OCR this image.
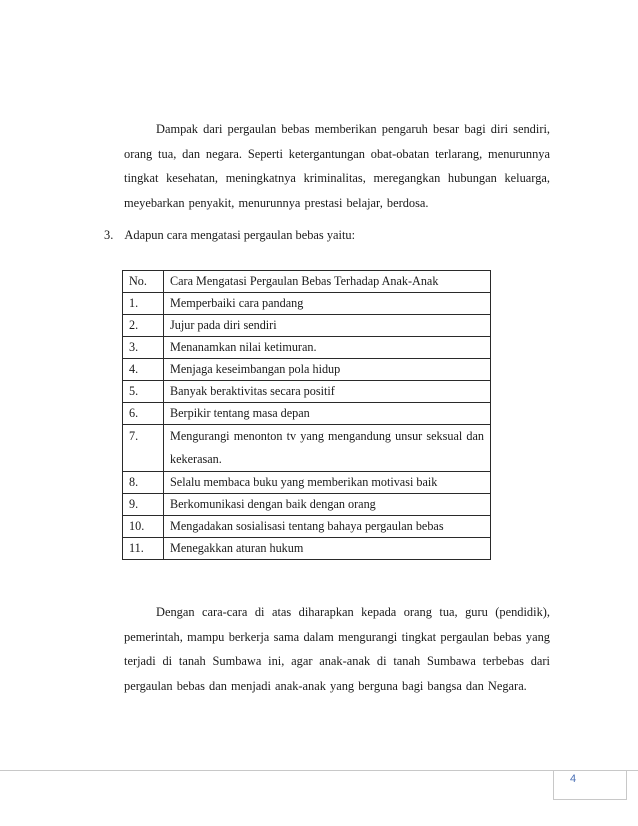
Dampak dari pergaulan bebas memberikan pengaruh besar bagi diri sendiri,
orang tua, dan negara. Seperti ketergantungan obat-obatan terlarang, menurunnya
tingkat kesehatan, meningkatnya kriminalitas, meregangkan hubungan keluarga,
meyebarkan penyakit, menurunnya prestasi belajar, berdosa.
3. Adapun cara mengatasi pergaulan bebas yaitu:
No.	Cara Mengatasi Pergaulan Bebas Terhadap Anak-Anak
1.	Memperbaiki cara pandang
2.	Jujur pada diri sendiri
3.	Menanamkan nilai ketimuran.
4.	Menjaga keseimbangan pola hidup
5.	Banyak beraktivitas secara positif
6.	Berpikir tentang masa depan
7.	Mengurangi menonton tv yang mengandung unsur seksual dan
kekerasan.
8.	Selalu membaca buku yang memberikan motivasi baik
9.	Berkomunikasi dengan baik dengan orang
10.	Mengadakan sosialisasi tentang bahaya pergaulan bebas
11.	Menegakkan aturan hukum
Dengan cara-cara di atas diharapkan kepada orang tua, guru (pendidik),
pemerintah, mampu berkerja sama dalam mengurangi tingkat pergaulan bebas yang
terjadi di tanah Sumbawa ini, agar anak-anak di tanah Sumbawa terbebas dari
pergaulan bebas dan menjadi anak-anak yang berguna bagi bangsa dan Negara.
4
